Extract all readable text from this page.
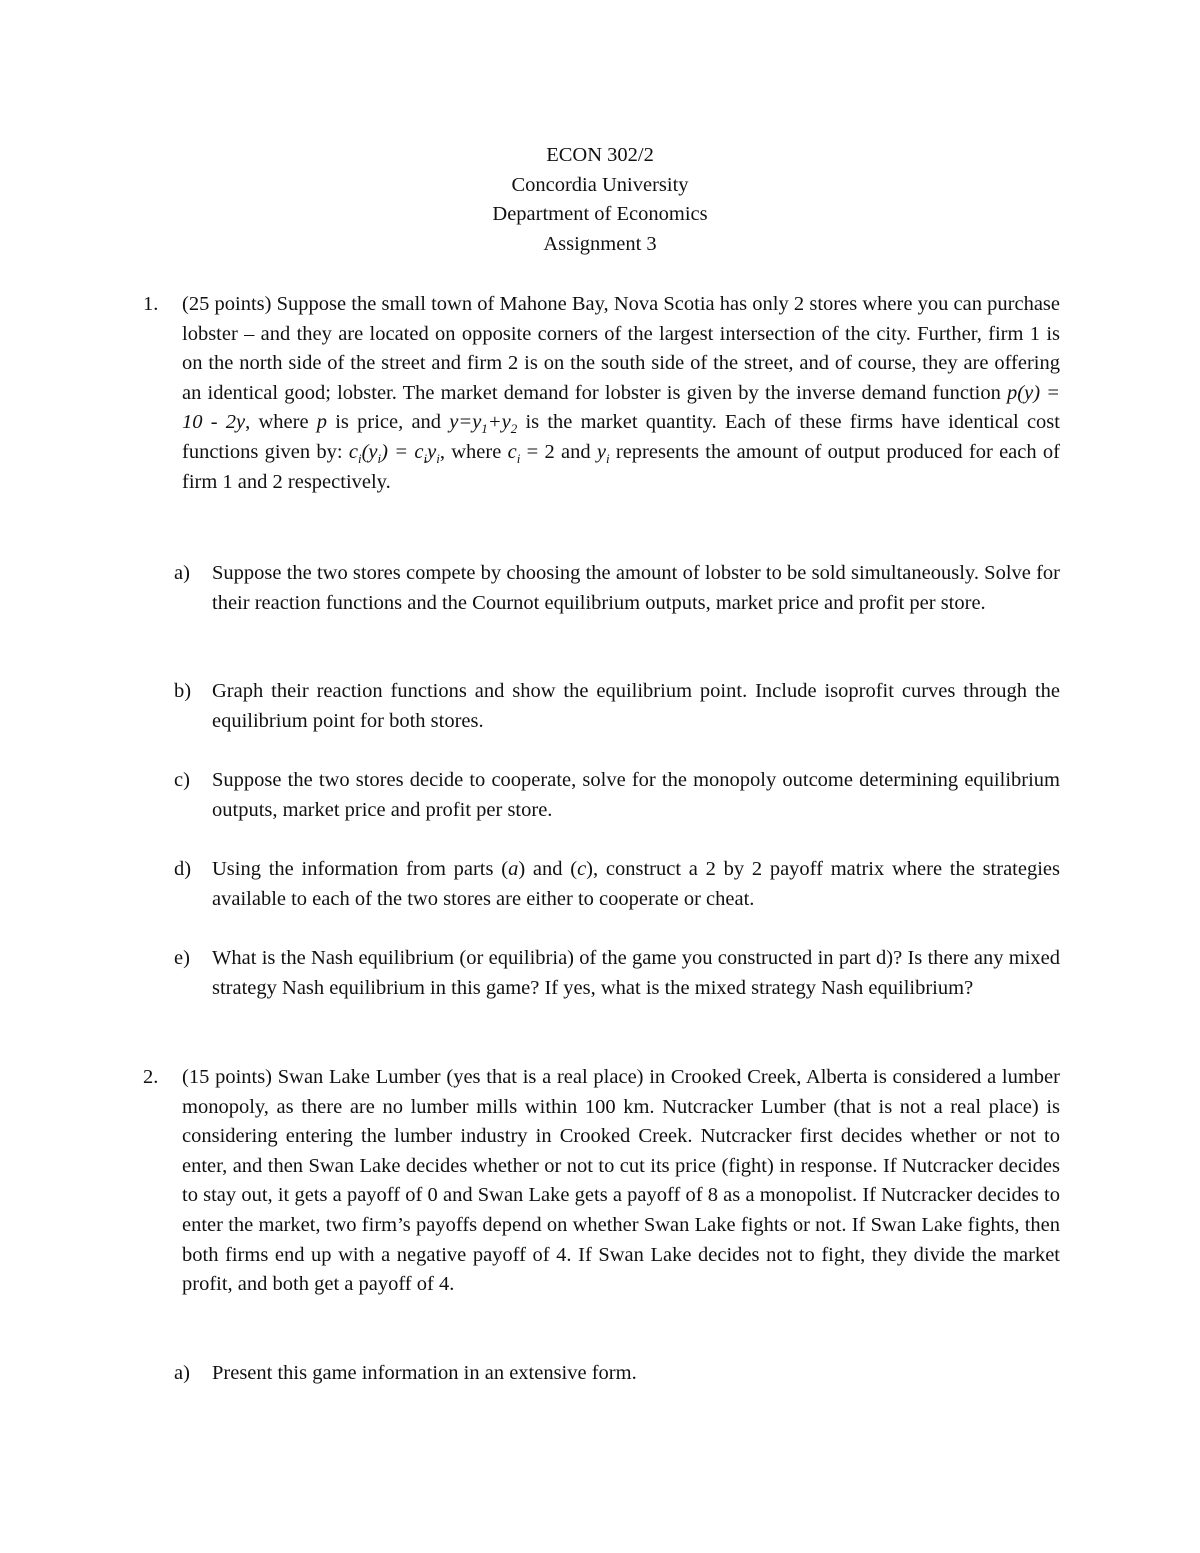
ECON 302/2
Concordia University
Department of Economics
Assignment 3
1. (25 points) Suppose the small town of Mahone Bay, Nova Scotia has only 2 stores where you can purchase lobster – and they are located on opposite corners of the largest intersection of the city. Further, firm 1 is on the north side of the street and firm 2 is on the south side of the street, and of course, they are offering an identical good; lobster. The market demand for lobster is given by the inverse demand function p(y) = 10 - 2y, where p is price, and $y=y_1+y_2$ is the market quantity. Each of these firms have identical cost functions given by: $c_i(y_i) = c_iy_i$, where $c_i = 2$ and $y_i$ represents the amount of output produced for each of firm 1 and 2 respectively.
a) Suppose the two stores compete by choosing the amount of lobster to be sold simultaneously. Solve for their reaction functions and the Cournot equilibrium outputs, market price and profit per store.
b) Graph their reaction functions and show the equilibrium point. Include isoprofit curves through the equilibrium point for both stores.
c) Suppose the two stores decide to cooperate, solve for the monopoly outcome determining equilibrium outputs, market price and profit per store.
d) Using the information from parts (a) and (c), construct a 2 by 2 payoff matrix where the strategies available to each of the two stores are either to cooperate or cheat.
e) What is the Nash equilibrium (or equilibria) of the game you constructed in part d)? Is there any mixed strategy Nash equilibrium in this game? If yes, what is the mixed strategy Nash equilibrium?
2. (15 points) Swan Lake Lumber (yes that is a real place) in Crooked Creek, Alberta is considered a lumber monopoly, as there are no lumber mills within 100 km. Nutcracker Lumber (that is not a real place) is considering entering the lumber industry in Crooked Creek. Nutcracker first decides whether or not to enter, and then Swan Lake decides whether or not to cut its price (fight) in response. If Nutcracker decides to stay out, it gets a payoff of 0 and Swan Lake gets a payoff of 8 as a monopolist. If Nutcracker decides to enter the market, two firm’s payoffs depend on whether Swan Lake fights or not. If Swan Lake fights, then both firms end up with a negative payoff of 4. If Swan Lake decides not to fight, they divide the market profit, and both get a payoff of 4.
a) Present this game information in an extensive form.
